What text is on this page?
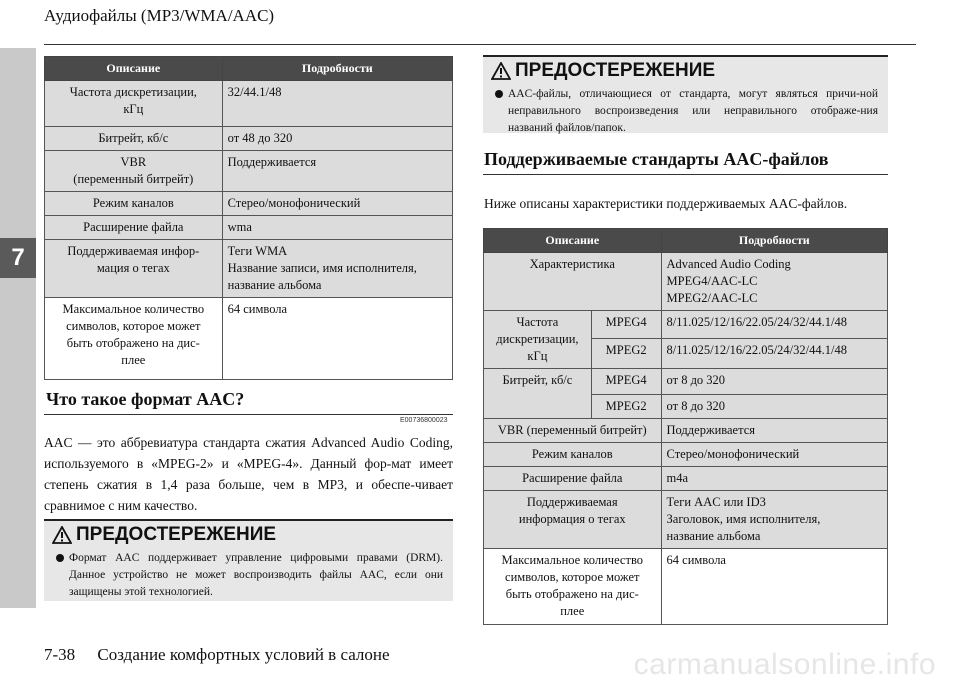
7
Аудиофайлы (MP3/WMA/AAC)
Описание	Подробности
Частота дискретизации,
кГц	32/44.1/48
Битрейт, кб/с	от 48 до 320
VBR
(переменный битрейт)	Поддерживается
Режим каналов	Стерео/монофонический
Расширение файла	wma
Поддерживаемая инфор-
мация о тегах	Теги WMA
Название записи, имя исполнителя,
название альбома
Максимальное количество
символов, которое может
быть отображено на дис-
плее	64 символа
Что такое формат AAC?
E00736800023
AAC — это аббревиатура стандарта сжатия Advanced Audio Coding, используемого в «MPEG-2» и «MPEG-4». Данный фор-мат имеет степень сжатия в 1,4 раза больше, чем в MP3, и обеспе-чивает сравнимое с ним качество.
ПРЕДОСТЕРЕЖЕНИЕ
Формат AAC поддерживает управление цифровыми правами (DRM). Данное устройство не может воспроизводить файлы AAC, если они защищены этой технологией.
ПРЕДОСТЕРЕЖЕНИЕ
AAC-файлы, отличающиеся от стандарта, могут являться причи-ной неправильного воспроизведения или неправильного отображе-ния названий файлов/папок.
Поддерживаемые стандарты AAC-файлов
Ниже описаны характеристики поддерживаемых AAC-файлов.
Описание		Подробности
Характеристика		Advanced Audio Coding
MPEG4/AAC-LC
MPEG2/AAC-LC
Частота
дискретизации,
кГц	MPEG4	8/11.025/12/16/22.05/24/32/44.1/48
	MPEG2	8/11.025/12/16/22.05/24/32/44.1/48
Битрейт, кб/с	MPEG4	от 8 до 320
	MPEG2	от 8 до 320
VBR (переменный битрейт)		Поддерживается
Режим каналов		Стерео/монофонический
Расширение файла		m4a
Поддерживаемая
информация о тегах		Теги AAC или ID3
Заголовок, имя исполнителя,
название альбома
Максимальное количество
символов, которое может
быть отображено на дис-
плее		64 символа
7-38 Создание комфортных условий в салоне	carmanualsonline.info
